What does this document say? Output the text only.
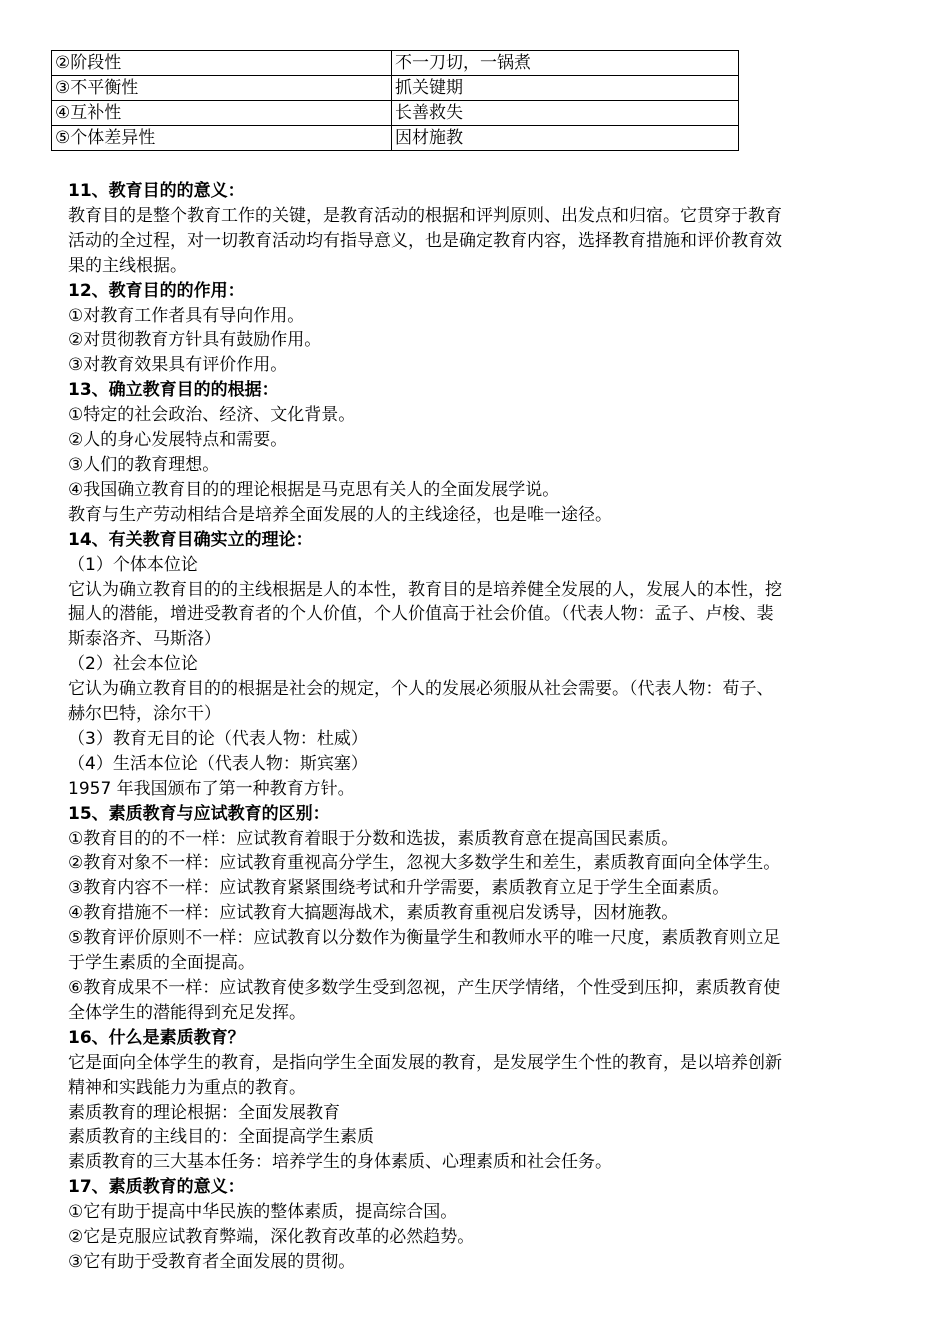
②阶段性	不一刀切，一锅煮
③不平衡性	抓关键期
④互补性	长善救失
⑤个体差异性	因材施教

11、教育目的的意义：

教育目的是整个教育工作的关键，是教育活动的根据和评判原则、出发点和归宿。它贯穿于教育

活动的全过程，对一切教育活动均有指导意义，也是确定教育内容，选择教育措施和评价教育效

果的主线根据。

12、教育目的的作用：

①对教育工作者具有导向作用。

②对贯彻教育方针具有鼓励作用。

③对教育效果具有评价作用。

13、确立教育目的的根据：

①特定的社会政治、经济、文化背景。

②人的身心发展特点和需要。

③人们的教育理想。

④我国确立教育目的的理论根据是马克思有关人的全面发展学说。

教育与生产劳动相结合是培养全面发展的人的主线途径，也是唯一途径。

14、有关教育目确实立的理论：

（1）个体本位论

它认为确立教育目的的主线根据是人的本性，教育目的是培养健全发展的人，发展人的本性，挖

掘人的潜能，增进受教育者的个人价值，个人价值高于社会价值。（代表人物：孟子、卢梭、裴

斯泰洛齐、马斯洛）

（2）社会本位论

它认为确立教育目的的根据是社会的规定，个人的发展必须服从社会需要。（代表人物：荀子、

赫尔巴特，涂尔干）

（3）教育无目的论（代表人物：杜威）

（4）生活本位论（代表人物：斯宾塞）

1957 年我国颁布了第一种教育方针。

15、素质教育与应试教育的区别：

①教育目的的不一样：应试教育着眼于分数和选拔，素质教育意在提高国民素质。

②教育对象不一样：应试教育重视高分学生，忽视大多数学生和差生，素质教育面向全体学生。

③教育内容不一样：应试教育紧紧围绕考试和升学需要，素质教育立足于学生全面素质。

④教育措施不一样：应试教育大搞题海战术，素质教育重视启发诱导，因材施教。

⑤教育评价原则不一样：应试教育以分数作为衡量学生和教师水平的唯一尺度，素质教育则立足

于学生素质的全面提高。

⑥教育成果不一样：应试教育使多数学生受到忽视，产生厌学情绪，个性受到压抑，素质教育使

全体学生的潜能得到充足发挥。

16、什么是素质教育？

它是面向全体学生的教育，是指向学生全面发展的教育，是发展学生个性的教育，是以培养创新

精神和实践能力为重点的教育。

素质教育的理论根据：全面发展教育

素质教育的主线目的：全面提高学生素质

素质教育的三大基本任务：培养学生的身体素质、心理素质和社会任务。

17、素质教育的意义：

①它有助于提高中华民族的整体素质，提高综合国。

②它是克服应试教育弊端，深化教育改革的必然趋势。

③它有助于受教育者全面发展的贯彻。
